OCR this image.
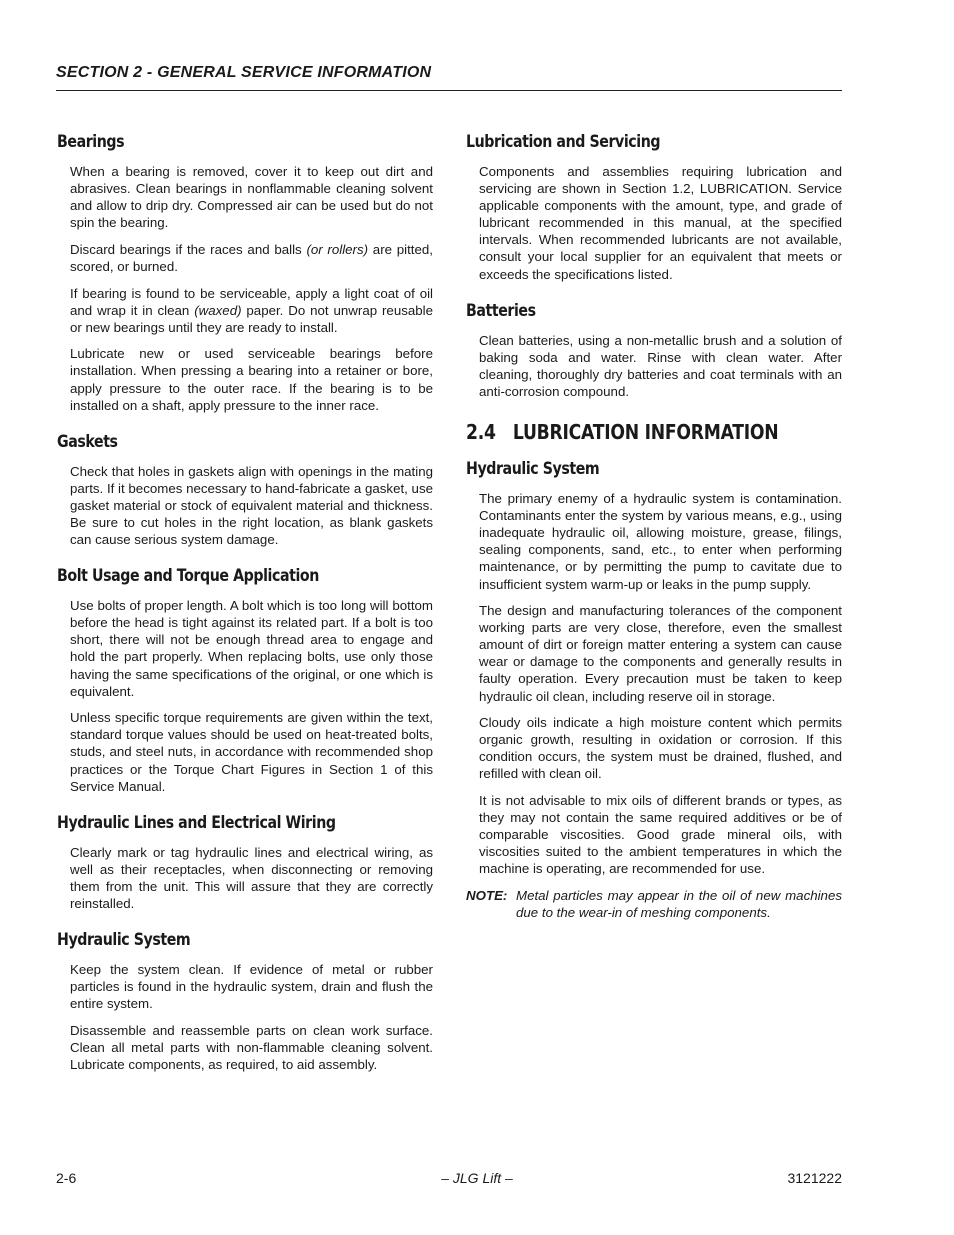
SECTION 2 - GENERAL SERVICE INFORMATION
Bearings

When a bearing is removed, cover it to keep out dirt and abrasives. Clean bearings in nonflammable cleaning solvent and allow to drip dry. Compressed air can be used but do not spin the bearing.

Discard bearings if the races and balls (or rollers) are pitted, scored, or burned.

If bearing is found to be serviceable, apply a light coat of oil and wrap it in clean (waxed) paper. Do not unwrap reusable or new bearings until they are ready to install.

Lubricate new or used serviceable bearings before installation. When pressing a bearing into a retainer or bore, apply pressure to the outer race. If the bearing is to be installed on a shaft, apply pressure to the inner race.

Gaskets

Check that holes in gaskets align with openings in the mating parts. If it becomes necessary to hand-fabricate a gasket, use gasket material or stock of equivalent material and thickness. Be sure to cut holes in the right location, as blank gaskets can cause serious system damage.

Bolt Usage and Torque Application

Use bolts of proper length. A bolt which is too long will bottom before the head is tight against its related part. If a bolt is too short, there will not be enough thread area to engage and hold the part properly. When replacing bolts, use only those having the same specifications of the original, or one which is equivalent.

Unless specific torque requirements are given within the text, standard torque values should be used on heat-treated bolts, studs, and steel nuts, in accordance with recommended shop practices or the Torque Chart Figures in Section 1 of this Service Manual.

Hydraulic Lines and Electrical Wiring

Clearly mark or tag hydraulic lines and electrical wiring, as well as their receptacles, when disconnecting or removing them from the unit. This will assure that they are correctly reinstalled.

Hydraulic System

Keep the system clean. If evidence of metal or rubber particles is found in the hydraulic system, drain and flush the entire system.

Disassemble and reassemble parts on clean work surface. Clean all metal parts with non-flammable cleaning solvent. Lubricate components, as required, to aid assembly.

Lubrication and Servicing

Components and assemblies requiring lubrication and servicing are shown in Section 1.2, LUBRICATION. Service applicable components with the amount, type, and grade of lubricant recommended in this manual, at the specified intervals. When recommended lubricants are not available, consult your local supplier for an equivalent that meets or exceeds the specifications listed.

Batteries

Clean batteries, using a non-metallic brush and a solution of baking soda and water. Rinse with clean water. After cleaning, thoroughly dry batteries and coat terminals with an anti-corrosion compound.

2.4   LUBRICATION INFORMATION
Hydraulic System

The primary enemy of a hydraulic system is contamination. Contaminants enter the system by various means, e.g., using inadequate hydraulic oil, allowing moisture, grease, filings, sealing components, sand, etc., to enter when performing maintenance, or by permitting the pump to cavitate due to insufficient system warm-up or leaks in the pump supply.

The design and manufacturing tolerances of the component working parts are very close, therefore, even the smallest amount of dirt or foreign matter entering a system can cause wear or damage to the components and generally results in faulty operation. Every precaution must be taken to keep hydraulic oil clean, including reserve oil in storage.

Cloudy oils indicate a high moisture content which permits organic growth, resulting in oxidation or corrosion. If this condition occurs, the system must be drained, flushed, and refilled with clean oil.

It is not advisable to mix oils of different brands or types, as they may not contain the same required additives or be of comparable viscosities. Good grade mineral oils, with viscosities suited to the ambient temperatures in which the machine is operating, are recommended for use.

NOTE: Metal particles may appear in the oil of new machines due to the wear-in of meshing components.
– JLG Lift –
2-6	3121222
